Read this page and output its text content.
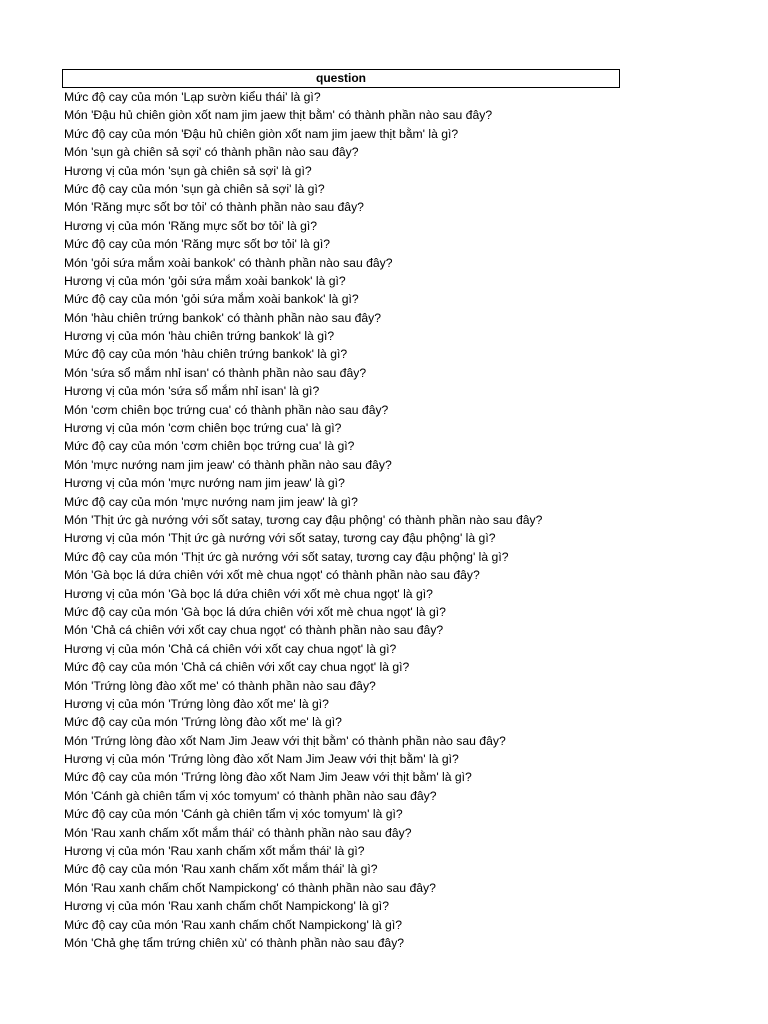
question
Mức độ cay của món 'Lạp sườn kiểu thái' là gì?
Món 'Đậu hủ chiên giòn xốt nam jim jaew thịt bằm' có thành phần nào sau đây?
Mức độ cay của món 'Đậu hủ chiên giòn xốt nam jim jaew thịt bằm' là gì?
Món 'sụn gà chiên sả sợi' có thành phần nào sau đây?
Hương vị của món 'sụn gà chiên sả sợi' là gì?
Mức độ cay của món 'sụn gà chiên sả sợi' là gì?
Món 'Răng mực sốt bơ tỏi' có thành phần nào sau đây?
Hương vị của món 'Răng mực sốt bơ tỏi' là gì?
Mức độ cay của món 'Răng mực sốt bơ tỏi' là gì?
Món 'gỏi sứa mắm xoài bankok' có thành phần nào sau đây?
Hương vị của món 'gỏi sứa mắm xoài bankok' là gì?
Mức độ cay của món 'gỏi sứa mắm xoài bankok' là gì?
Món 'hàu chiên trứng bankok' có thành phần nào sau đây?
Hương vị của món 'hàu chiên trứng bankok' là gì?
Mức độ cay của món 'hàu chiên trứng bankok' là gì?
Món 'sứa sổ mắm nhỉ isan' có thành phần nào sau đây?
Hương vị của món 'sứa sổ mắm nhỉ isan' là gì?
Món 'cơm chiên bọc trứng cua' có thành phần nào sau đây?
Hương vị của món 'cơm chiên bọc trứng cua' là gì?
Mức độ cay của món 'cơm chiên bọc trứng cua' là gì?
Món 'mực nướng nam jim jeaw' có thành phần nào sau đây?
Hương vị của món 'mực nướng nam jim jeaw' là gì?
Mức độ cay của món 'mực nướng nam jim jeaw' là gì?
Món 'Thịt ức gà nướng với sốt satay, tương cay đậu phộng' có thành phần nào sau đây?
Hương vị của món 'Thịt ức gà nướng với sốt satay, tương cay đậu phộng' là gì?
Mức độ cay của món 'Thịt ức gà nướng với sốt satay, tương cay đậu phộng' là gì?
Món 'Gà bọc lá dứa chiên với xốt mè chua ngọt' có thành phần nào sau đây?
Hương vị của món 'Gà bọc lá dứa chiên với xốt mè chua ngọt' là gì?
Mức độ cay của món 'Gà bọc lá dứa chiên với xốt mè chua ngọt' là gì?
Món 'Chả cá chiên với xốt cay chua ngọt' có thành phần nào sau đây?
Hương vị của món 'Chả cá chiên với xốt cay chua ngọt' là gì?
Mức độ cay của món 'Chả cá chiên với xốt cay chua ngọt' là gì?
Món 'Trứng lòng đào xốt me' có thành phần nào sau đây?
Hương vị của món 'Trứng lòng đào xốt me' là gì?
Mức độ cay của món 'Trứng lòng đào xốt me' là gì?
Món 'Trứng lòng đào xốt Nam Jim Jeaw với thịt bằm' có thành phần nào sau đây?
Hương vị của món 'Trứng lòng đào xốt Nam Jim Jeaw với thịt bằm' là gì?
Mức độ cay của món 'Trứng lòng đào xốt Nam Jim Jeaw với thịt bằm' là gì?
Món 'Cánh gà chiên tẩm vị xóc tomyum' có thành phần nào sau đây?
Mức độ cay của món 'Cánh gà chiên tẩm vị xóc tomyum' là gì?
Món 'Rau xanh chấm xốt mắm thái' có thành phần nào sau đây?
Hương vị của món 'Rau xanh chấm xốt mắm thái' là gì?
Mức độ cay của món 'Rau xanh chấm xốt mắm thái' là gì?
Món 'Rau xanh chấm chốt Nampickong' có thành phần nào sau đây?
Hương vị của món 'Rau xanh chấm chốt Nampickong' là gì?
Mức độ cay của món 'Rau xanh chấm chốt Nampickong' là gì?
Món 'Chả ghẹ tẩm trứng chiên xù' có thành phần nào sau đây?
